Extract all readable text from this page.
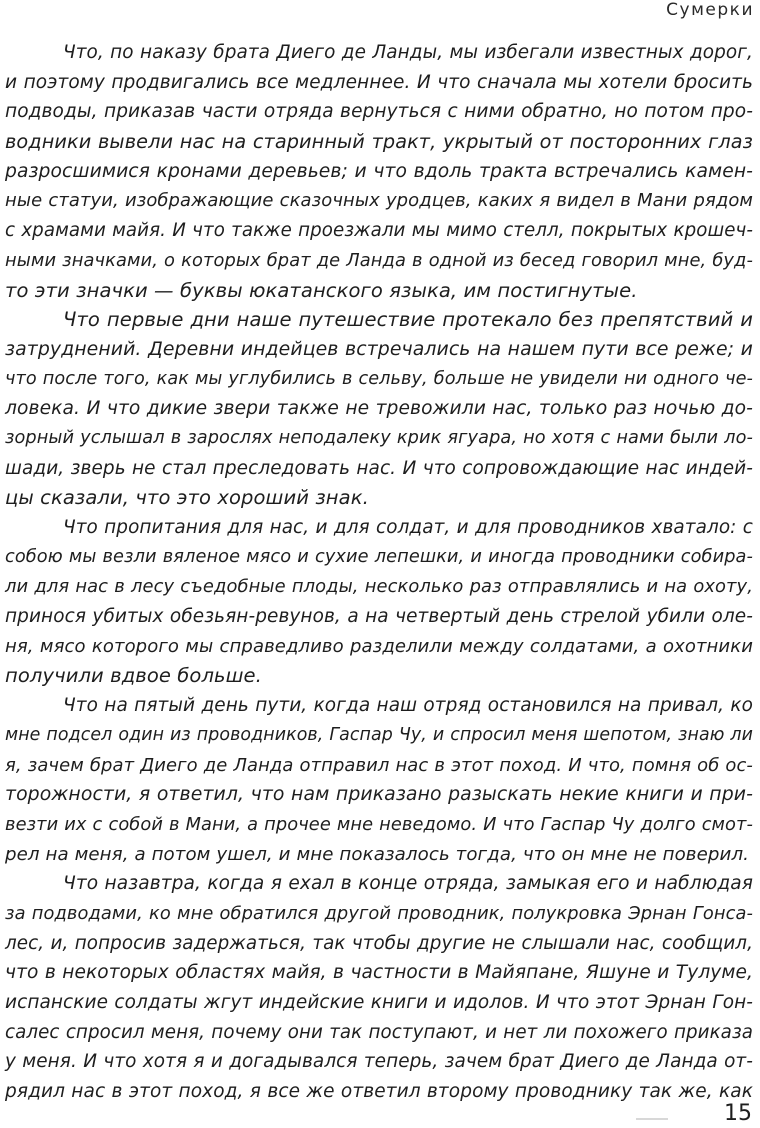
Сумерки
Что, по наказу брата Диего де Ланды, мы избегали известных дорог,
и поэтому продвигались все медленнее. И что сначала мы хотели бросить
подводы, приказав части отряда вернуться с ними обратно, но потом про-
водники вывели нас на старинный тракт, укрытый от посторонних глаз
разросшимися кронами деревьев; и что вдоль тракта встречались камен-
ные статуи, изображающие сказочных уродцев, каких я видел в Мани рядом
с храмами майя. И что также проезжали мы мимо стелл, покрытых крошеч-
ными значками, о которых брат де Ланда в одной из бесед говорил мне, буд-
то эти значки — буквы юкатанского языка, им постигнутые.
Что первые дни наше путешествие протекало без препятствий и
затруднений. Деревни индейцев встречались на нашем пути все реже; и
что после того, как мы углубились в сельву, больше не увидели ни одного че-
ловека. И что дикие звери также не тревожили нас, только раз ночью до-
зорный услышал в зарослях неподалеку крик ягуара, но хотя с нами были ло-
шади, зверь не стал преследовать нас. И что сопровождающие нас индей-
цы сказали, что это хороший знак.
Что пропитания для нас, и для солдат, и для проводников хватало: с
собою мы везли вяленое мясо и сухие лепешки, и иногда проводники собира-
ли для нас в лесу съедобные плоды, несколько раз отправлялись и на охоту,
принося убитых обезьян-ревунов, а на четвертый день стрелой убили оле-
ня, мясо которого мы справедливо разделили между солдатами, а охотники
получили вдвое больше.
Что на пятый день пути, когда наш отряд остановился на привал, ко
мне подсел один из проводников, Гаспар Чу, и спросил меня шепотом, знаю ли
я, зачем брат Диего де Ланда отправил нас в этот поход. И что, помня об ос-
торожности, я ответил, что нам приказано разыскать некие книги и при-
везти их с собой в Мани, а прочее мне неведомо. И что Гаспар Чу долго смот-
рел на меня, а потом ушел, и мне показалось тогда, что он мне не поверил.
Что назавтра, когда я ехал в конце отряда, замыкая его и наблюдая
за подводами, ко мне обратился другой проводник, полукровка Эрнан Гонса-
лес, и, попросив задержаться, так чтобы другие не слышали нас, сообщил,
что в некоторых областях майя, в частности в Майяпане, Яшуне и Тулуме,
испанские солдаты жгут индейские книги и идолов. И что этот Эрнан Гон-
салес спросил меня, почему они так поступают, и нет ли похожего приказа
у меня. И что хотя я и догадывался теперь, зачем брат Диего де Ланда от-
рядил нас в этот поход, я все же ответил второму проводнику так же, как
15
